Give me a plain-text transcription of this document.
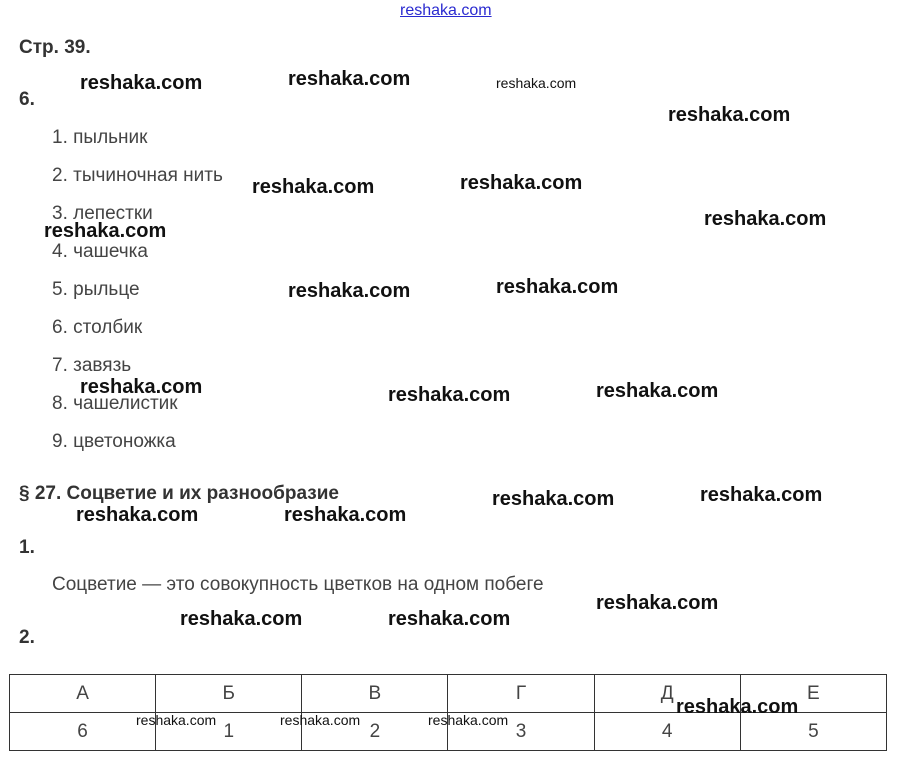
reshaka.com
Стр. 39.
6.
1. пыльник
2. тычиночная нить
3. лепестки
4. чашечка
5. рыльце
6. столбик
7. завязь
8. чашелистик
9. цветоножка
§ 27. Соцветие и их разнообразие
1.
Соцветие — это совокупность цветков на одном побеге
2.
А	Б	В	Г	Д	Е
6	1	2	3	4	5
reshaka.com	reshaka.com	reshaka.com
reshaka.com
reshaka.com	reshaka.com
reshaka.com
reshaka.com
reshaka.com	reshaka.com
reshaka.com	reshaka.com	reshaka.com
reshaka.com	reshaka.com
reshaka.com	reshaka.com
reshaka.com
reshaka.com	reshaka.com
reshaka.com
reshaka.com	reshaka.com	reshaka.com
